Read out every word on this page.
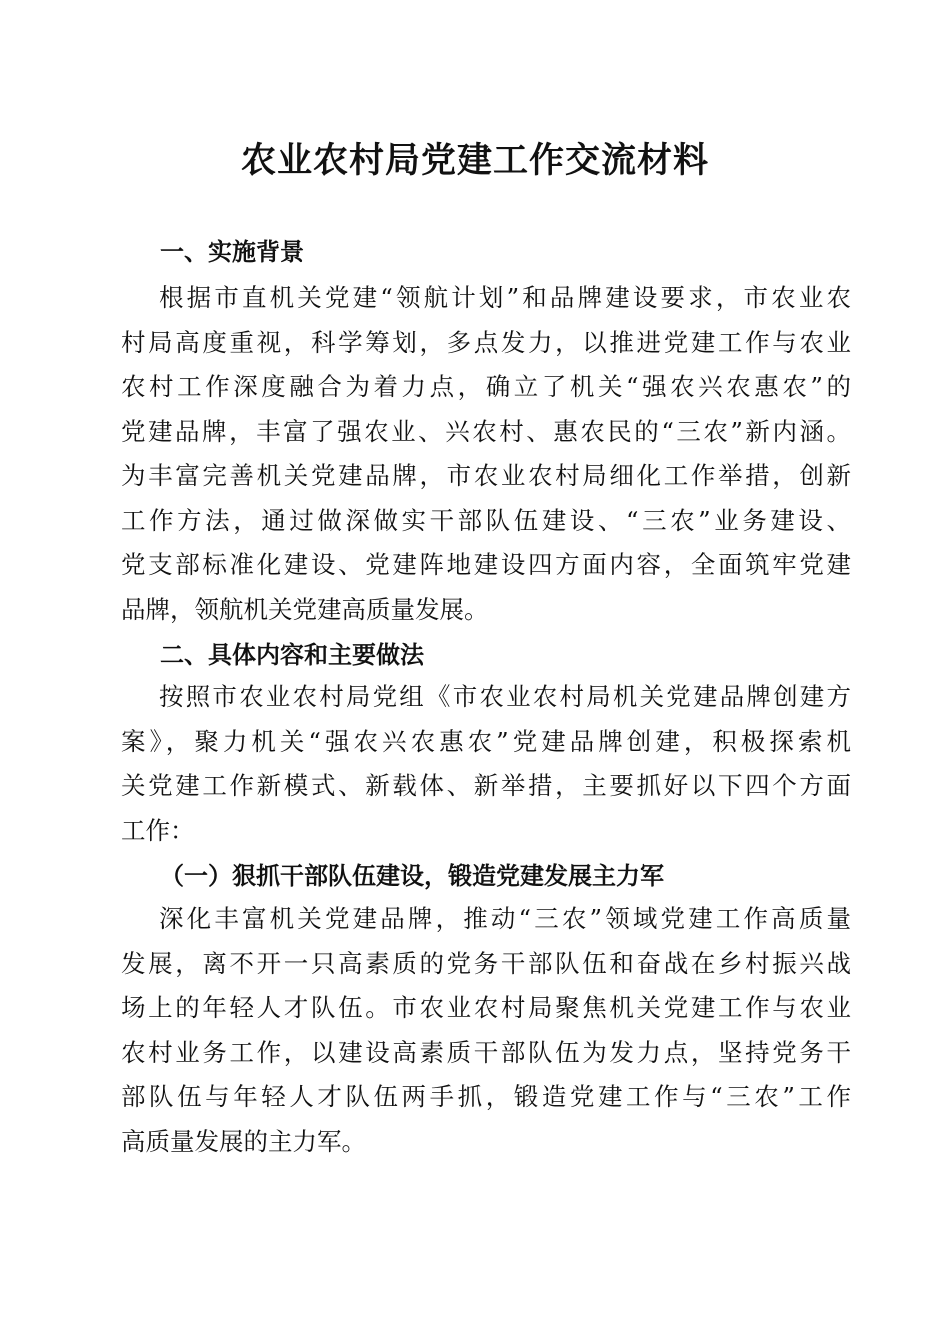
农业农村局党建工作交流材料
一、实施背景
根据市直机关党建“领航计划”和品牌建设要求，市农业农
村局高度重视，科学筹划，多点发力，以推进党建工作与农业
农村工作深度融合为着力点，确立了机关“强农兴农惠农”的
党建品牌，丰富了强农业、兴农村、惠农民的“三农”新内涵。
为丰富完善机关党建品牌，市农业农村局细化工作举措，创新
工作方法，通过做深做实干部队伍建设、“三农”业务建设、
党支部标准化建设、党建阵地建设四方面内容，全面筑牢党建
品牌，领航机关党建高质量发展。
二、具体内容和主要做法
按照市农业农村局党组《市农业农村局机关党建品牌创建方
案》，聚力机关“强农兴农惠农”党建品牌创建，积极探索机
关党建工作新模式、新载体、新举措，主要抓好以下四个方面
工作：
（一）狠抓干部队伍建设，锻造党建发展主力军
深化丰富机关党建品牌，推动“三农”领域党建工作高质量
发展，离不开一只高素质的党务干部队伍和奋战在乡村振兴战
场上的年轻人才队伍。市农业农村局聚焦机关党建工作与农业
农村业务工作，以建设高素质干部队伍为发力点，坚持党务干
部队伍与年轻人才队伍两手抓，锻造党建工作与“三农”工作
高质量发展的主力军。
